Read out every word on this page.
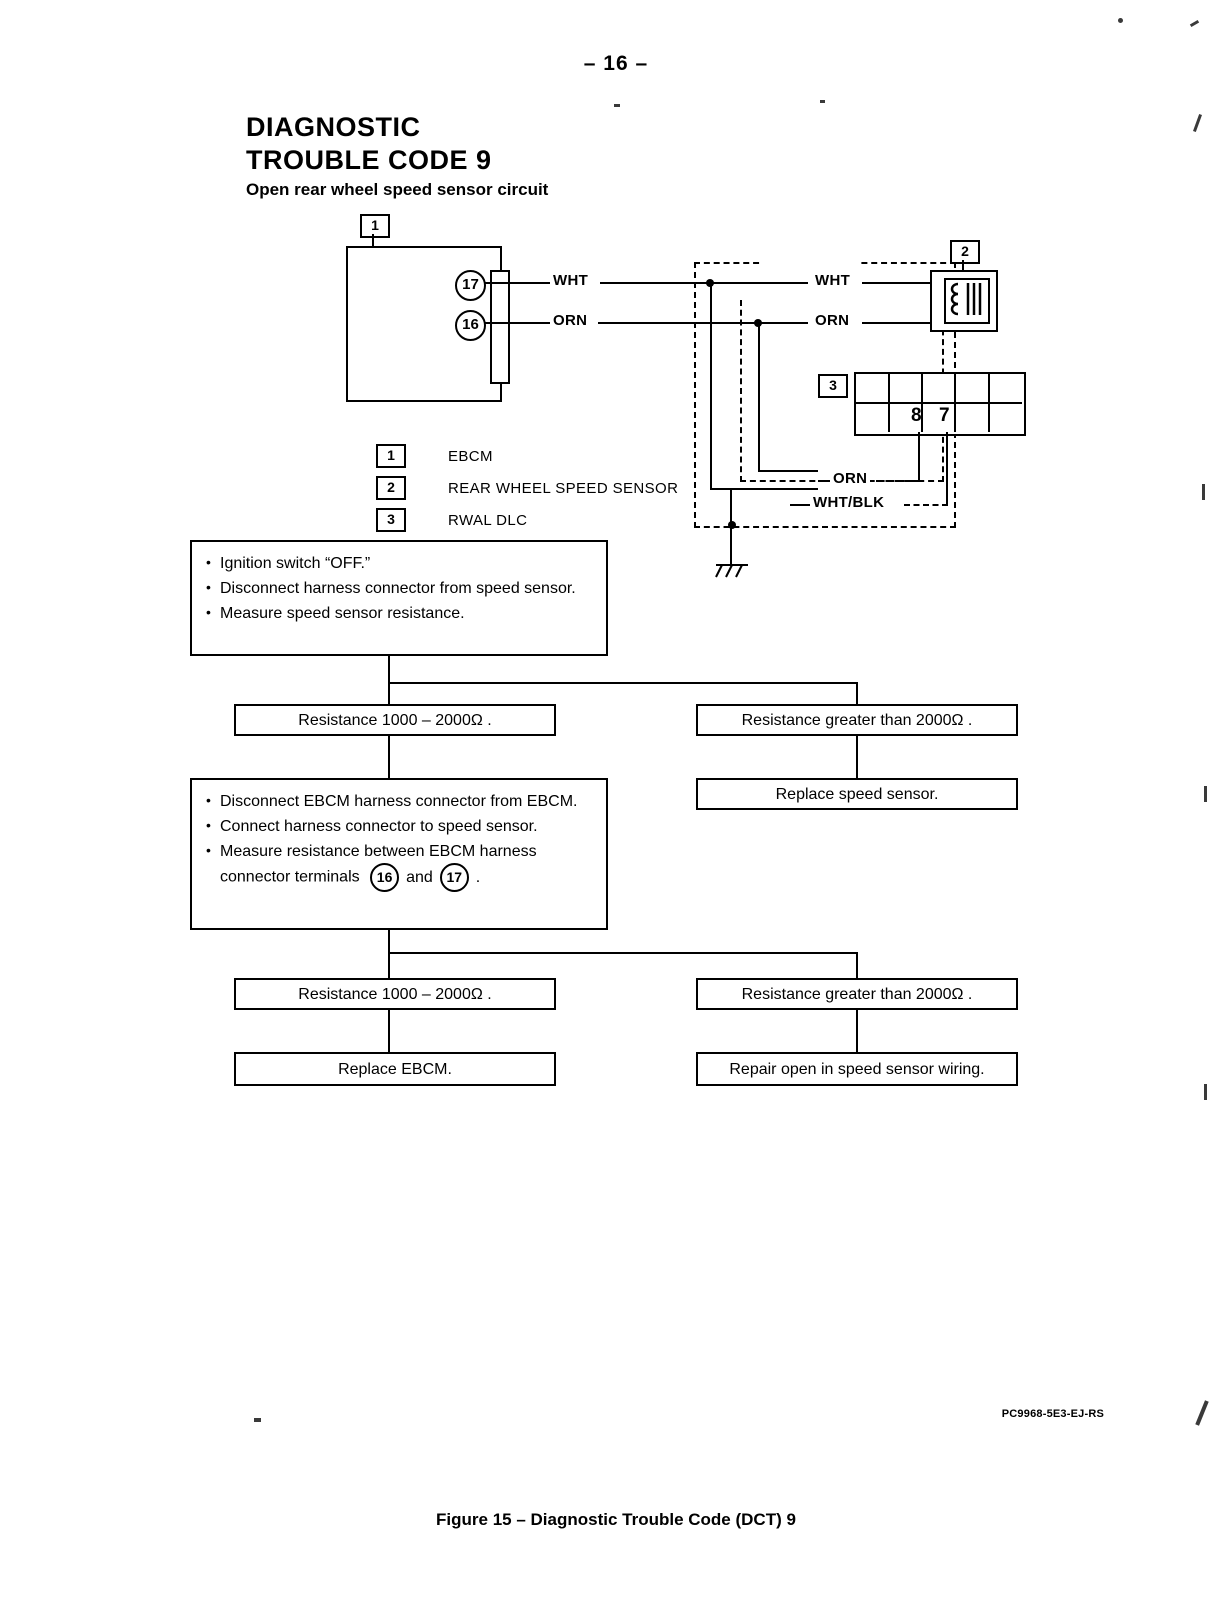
– 16 –
DIAGNOSTIC
TROUBLE CODE 9
Open rear wheel speed sensor circuit
1
17
16
WHT
ORN
WHT
ORN
2
3
8 7
ORN
WHT/BLK
1	EBCM
2	REAR WHEEL SPEED SENSOR
3	RWAL DLC
• Ignition switch “OFF.”
• Disconnect harness connector from speed sensor.
• Measure speed sensor resistance.
Resistance 1000 – 2000Ω .	Resistance greater than 2000Ω .
Replace speed sensor.
• Disconnect EBCM harness connector from EBCM.
• Connect harness connector to speed sensor.
• Measure resistance between EBCM harness connector terminals	16 and 17 .
Resistance 1000 – 2000Ω .	Resistance greater than 2000Ω .
Replace EBCM.	Repair open in speed sensor wiring.
PC9968-5E3-EJ-RS
Figure 15 – Diagnostic Trouble Code (DCT) 9
